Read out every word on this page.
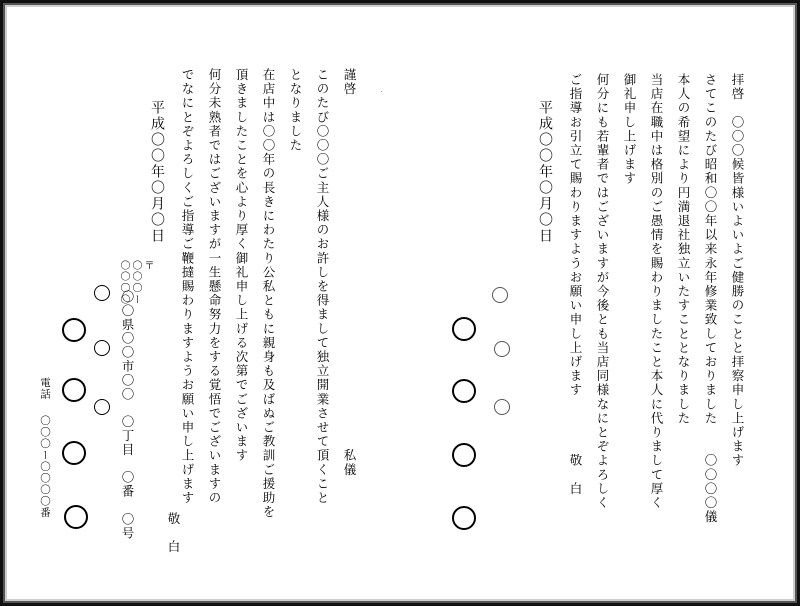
拝啓　〇〇〇候皆様いよいよご健勝のことと拝察申し上げます
さてこのたび昭和〇〇年以来永年修業致しておりました　　〇〇〇〇儀
本人の希望により円満退社独立いたすこととなりました
当店在職中は格別のご愚情を賜わりましたこと本人に代りまして厚く
御礼申し上げます
何分にも若輩者ではございますが今後とも当店同様なにとぞよろしく
ご指導お引立て賜わりますようお願い申し上げます　　　　敬　白
平成〇〇年〇月〇日
謹啓　　　　　　　　　　　　　　　　　　　　　　　　　私儀
このたび〇〇〇ご主人様のお許しを得まして独立開業させて頂くこと
となりました
在店中は〇〇年の長きにわたり公私ともに親身も及ばぬご教訓ご援助を
頂きましたことを心より厚く御礼申し上げる次第でございます
何分未熟者ではございますが一生懸命努力をする覚悟でございますの
でなにとぞよろしくご指導ご鞭撻賜わりますようお願い申し上げます
敬　白
平成〇〇年〇月〇日
〒
〇〇〇ー
〇〇〇〇
〇〇県〇〇市〇〇　〇丁目　〇番　〇号
電話
〇〇〇ー〇〇〇〇番
